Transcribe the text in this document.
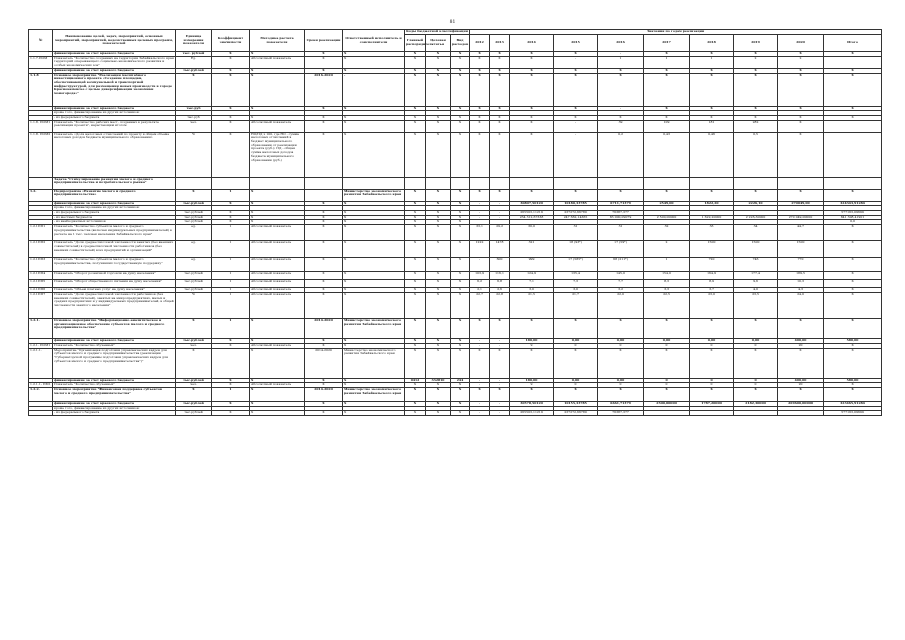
81
№	Наименование целей, задач, мероприятий, основных мероприятий, мероприятий, ведомственных целевых программ, показателей	Единица измерения показателя	Коэффициент значимости	Методика расчета показателя	Сроки реализации	Ответственный исполнитель и соисполнители	Коды бюджетной классификации			Значения по годам реализации									
							Главный распорядитель	Целевая статья	Вид расходов	2012	2013	2014	2015	2016	2017	2018	2019	2020	Итого
	финансирование за счет краевого бюджета	тыс. рублей	X	X	X	X	X	X	X	X	X	X	X	-	X	X	X	X	X
1.1.7.ПОМ	Показатель "Количество созданных на территории Забайкальского края территорий опережающего социально-экономического развития и особых экономических зон"	Ед.	X	Абсолютный показатель	X	X	X	X	X	X	X	X	-	1	1	1	2	2	
	финансирование за счет краевого бюджета	тыс.рублей	X	X	X	X	X	X	X	X	X	X	X	X	X	X	X	X	X
1.1.8	Основное мероприятие "Реализация масштабного инвестиционного проекта «Создание площадки, обеспечивающей коммунальной и транспортной инфраструктурой, для размещения новых производств в городе Краснокаменске с целью диверсификации экономики моногорода»"	X	X	X	2016-2020	-	X	X	X	X	X	X	X	X	X	X	X	X	X
	финансирование за счет краевого бюджета	тыс.руб	X	X	X	X	X	X	X	X	X	X	X	-	X	X	X	X	X
	кроме того, финансирование из других источников:																		
	- из федерального бюджета	тыс.руб	X	X	X	X	X	X	X	X	X	X	X	X	X	X	X	X	X
1.1.8. ПОМ1	Показатель "Количество рабочих мест, созданных в результате реализации проекта", нарастающим итогом	чел.	X	Абсолютный показатель	X	X	X	X	X	X	X	X	-	39	109	181	282	X	
1.1.8. ПОМ2	Показатель «Доля налоговых отчислений по проекту в общем объеме налоговых доходов бюджета муниципального образования»	%	X	НО/ПД х 100, где НО - сумма налоговых отчислений в бюджет муниципального образования от реализации проекта (руб.); ПД - общая сумма налоговых доходов бюджета муниципального образования (руб.)	X	X	X	X	X	X	X	X	-	0,2	0,43	0,46	0,5	X	
	Задача "Стимулирование развития малого и среднего предпринимательства и потребительского рынка"																		
1.2.	Подпрограмма «Развитие малого и среднего предпринимательства»	X	1	X		Министерство экономического развития Забайкальского края	X	X	X	X	X	X	X	X	X	X	X	X	X
	финансирование за счет краевого бюджета	тыс.рублей	X	X	X	X	X	X	X	-	-	30807,50120	10180,33785	6711,71379	2549,00	1822,20	2226,10	270049,00	324343,91284
	кроме того, финансирование из других источников:																		
	- из федерального бюджета	тыс.рублей	X	X	X	X	X	X	X	-	-	265503,11219	237272,66780	76387,377					577163,09699
	- из местных бюджетов	тыс.рублей	X	X	X	X	X	X	X	-	-	234 312,67338	247 662,14365	83 000,09079	2 500,00000	1 622,20000	2 226,30000	270 049,00000	841 308,41901
	- из внебюджетных источников	тыс.рублей	X	X	X	X	X	X	X										0,0
1.2.1ПП1	Показатель "Количество субъектов малого и среднего предпринимательства (включая индивидуальных предпринимателей) в расчете на 1 тыс. человек населения Забайкальского края"	ед.	1	Абсолютный показатель	X	X	X	X	X	33,1	29,2	30,0	31	31	32	33	34	44,7	X
1.2.1ПП2	Показатель "Доля среднесписочной численности занятых (без внешних совместителей) в среднесписочной численности работников (без внешних совместителей) всех предприятий и организаций"	ед.	1	Абсолютный показатель	X	X	X	X	X	1222	1478	321	18 (93*)	17 (59*)	2	1500	1500	1500	X
1.2.1ПП3	Показатель "Количество субъектов малого и среднего предпринимательства, получивших государственную поддержку"	ед.	1	Абсолютный показатель	X	X	X	X	X	-	600	999	17 (585*)	68 (211*)	1	720	746	770	X
1.2.1ПП4	Показатель "Оборот розничной торговли на душу населения"	тыс.рублей	1	Абсолютный показатель	X	X	X	X	X	103,9	116,1	124,9	135,4	145,0	154,0	164,9	177,4	189,5	X
1.2.1ПП5	Показатель "Оборот общественного питания на душу населения"	тыс.рублей	1	Абсолютный показатель	X	X	X	X	X	6,2	6,8	7,1	7,3	7,7	8,3	8,9	9,6	10,3	X
1.2.1ПП6	Показатель "Объем платных услуг на душу населения"	тыс.рублей	1	Абсолютный показатель	X	X	X	X	X	2,1	2,6	3,0	3,0	3,2	3,3	3,7	4,0	4,3	X
1.2.1ПП7	Показатель "Доля среднесписочной численности работников (без внешних совместителей), занятых на микропредприятиях, малых и средних предприятиях и у индивидуальных предпринимателей, в общей численности занятого населения"	%	1	Абсолютный показатель	X	X	X	X	X	22,7	22,8	21,5	21,7	22,0	22,5	23,0	23,5	24,0	X
1.2.1.	Основное мероприятие "Информационно-аналитическое и организационное обеспечение субъектов малого и среднего предпринимательства"	X	1	X	2014-2020	Министерство экономического развития Забайкальского края	X	X	X	X	X	X	X	X	X	X	X	X	X
	финансирование за счет краевого бюджета	тыс.рублей	X	X	X	X	X	X	X	-	-	180,00	0,00	0,00	0,00	0,00	0,00	400,00	580,00
1.2.1. ПОМ1	Показатель "Количество обученных"	чел.	X	Абсолютный показатель	X	X	X	X	X	-	-	9	0	0	0	0	0	20	X
1.2.1.1.	Мероприятие "Организация подготовки управленческих кадров для субъектов малого и среднего предпринимательства (реализация "Губернаторской программы подготовки управленческих кадров для субъектов малого и среднего предпринимательства")"	X		X	2014-2020	Министерство экономического развития Забайкальского края	X	X	X	X	X	X	X	X	X	X	X	X	X
	финансирование за счет краевого бюджета	тыс.рублей	X	X	X	X	0412	332810	244	-	-	180,00	0,00	0,00	0	0	0	400,00	580,00
1.2.1.1- ПМ1	Показатель "Количество обученных"	чел.	X	Абсолютный показатель	X	X	X	X	X	-	-	9	0	0	0	0	0	20	X
1.2.2.	Основное мероприятие "Финансовая поддержка субъектов малого и среднего предпринимательства"	X	1	X	2014-2020	Министерство экономического развития Забайкальского края	X	X	X	X	X	X	X	X	X	X	X	X	X
	финансирование за счет краевого бюджета	тыс.рублей	X	X	X	X	X	X	X	-	-	30578,50120	10155,33785	6661,71379	2500,00000	1787,20000	2182,30000	269600,00000	323465,91284
	кроме того, финансирование из других источников:																		
	- из федерального бюджета	тыс.рублей	X	X	X	X	X	X	X	-	-	265503,11219	237272,66780	76387,377					577163,09699
